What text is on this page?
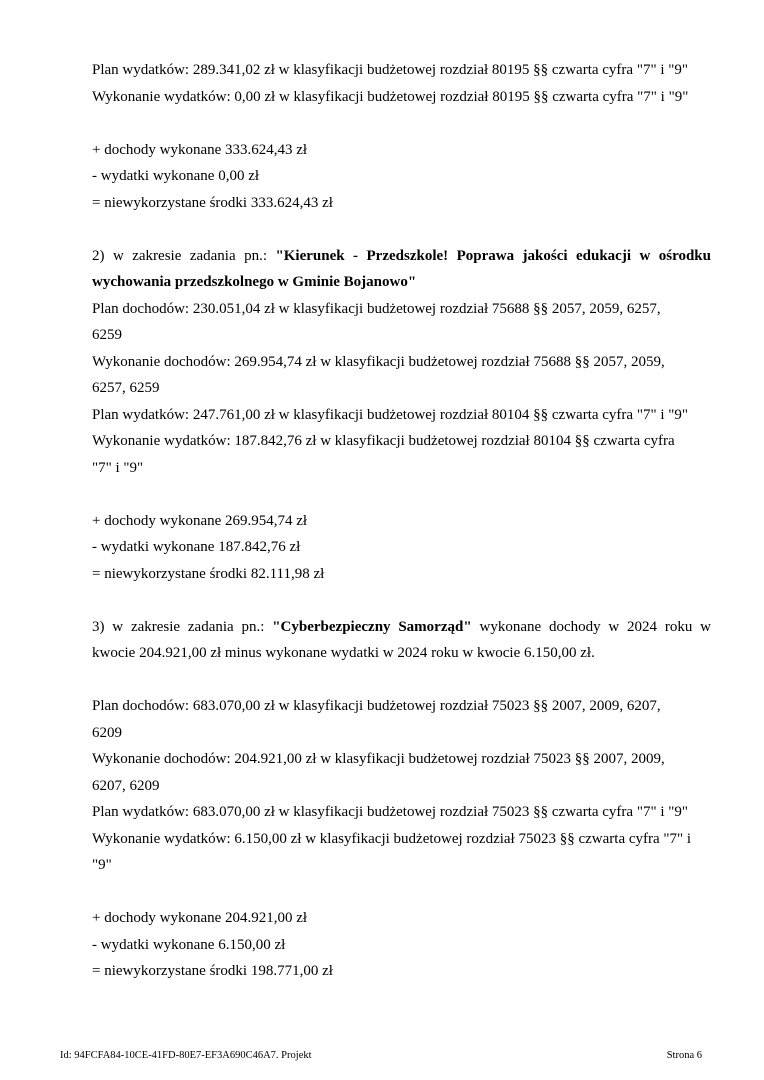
Plan wydatków: 289.341,02 zł w klasyfikacji budżetowej rozdział 80195 §§ czwarta cyfra "7" i "9"
Wykonanie wydatków: 0,00 zł w klasyfikacji budżetowej rozdział 80195 §§ czwarta cyfra "7" i "9"
+ dochody wykonane 333.624,43 zł
- wydatki wykonane 0,00 zł
= niewykorzystane środki 333.624,43 zł
2) w zakresie zadania pn.: "Kierunek - Przedszkole! Poprawa jakości edukacji w ośrodku
wychowania przedszkolnego w Gminie Bojanowo"
Plan dochodów: 230.051,04 zł w klasyfikacji budżetowej rozdział 75688 §§ 2057, 2059, 6257,
6259
Wykonanie dochodów: 269.954,74 zł w klasyfikacji budżetowej rozdział 75688 §§ 2057, 2059,
6257, 6259
Plan wydatków: 247.761,00 zł w klasyfikacji budżetowej rozdział 80104 §§ czwarta cyfra "7" i "9"
Wykonanie wydatków: 187.842,76 zł w klasyfikacji budżetowej rozdział 80104 §§ czwarta cyfra
"7" i "9"
+ dochody wykonane 269.954,74 zł
- wydatki wykonane 187.842,76 zł
= niewykorzystane środki 82.111,98 zł
3) w zakresie zadania pn.: "Cyberbezpieczny Samorząd" wykonane dochody w 2024 roku w
kwocie 204.921,00 zł minus wykonane wydatki w 2024 roku w kwocie 6.150,00 zł.
Plan dochodów: 683.070,00 zł w klasyfikacji budżetowej rozdział 75023 §§ 2007, 2009, 6207,
6209
Wykonanie dochodów: 204.921,00 zł w klasyfikacji budżetowej rozdział 75023 §§ 2007, 2009,
6207, 6209
Plan wydatków: 683.070,00 zł w klasyfikacji budżetowej rozdział 75023 §§ czwarta cyfra "7" i "9"
Wykonanie wydatków: 6.150,00 zł w klasyfikacji budżetowej rozdział 75023 §§ czwarta cyfra "7" i
"9"
+ dochody wykonane 204.921,00 zł
- wydatki wykonane 6.150,00 zł
= niewykorzystane środki 198.771,00 zł
Id: 94FCFA84-10CE-41FD-80E7-EF3A690C46A7. Projekt	Strona 6
